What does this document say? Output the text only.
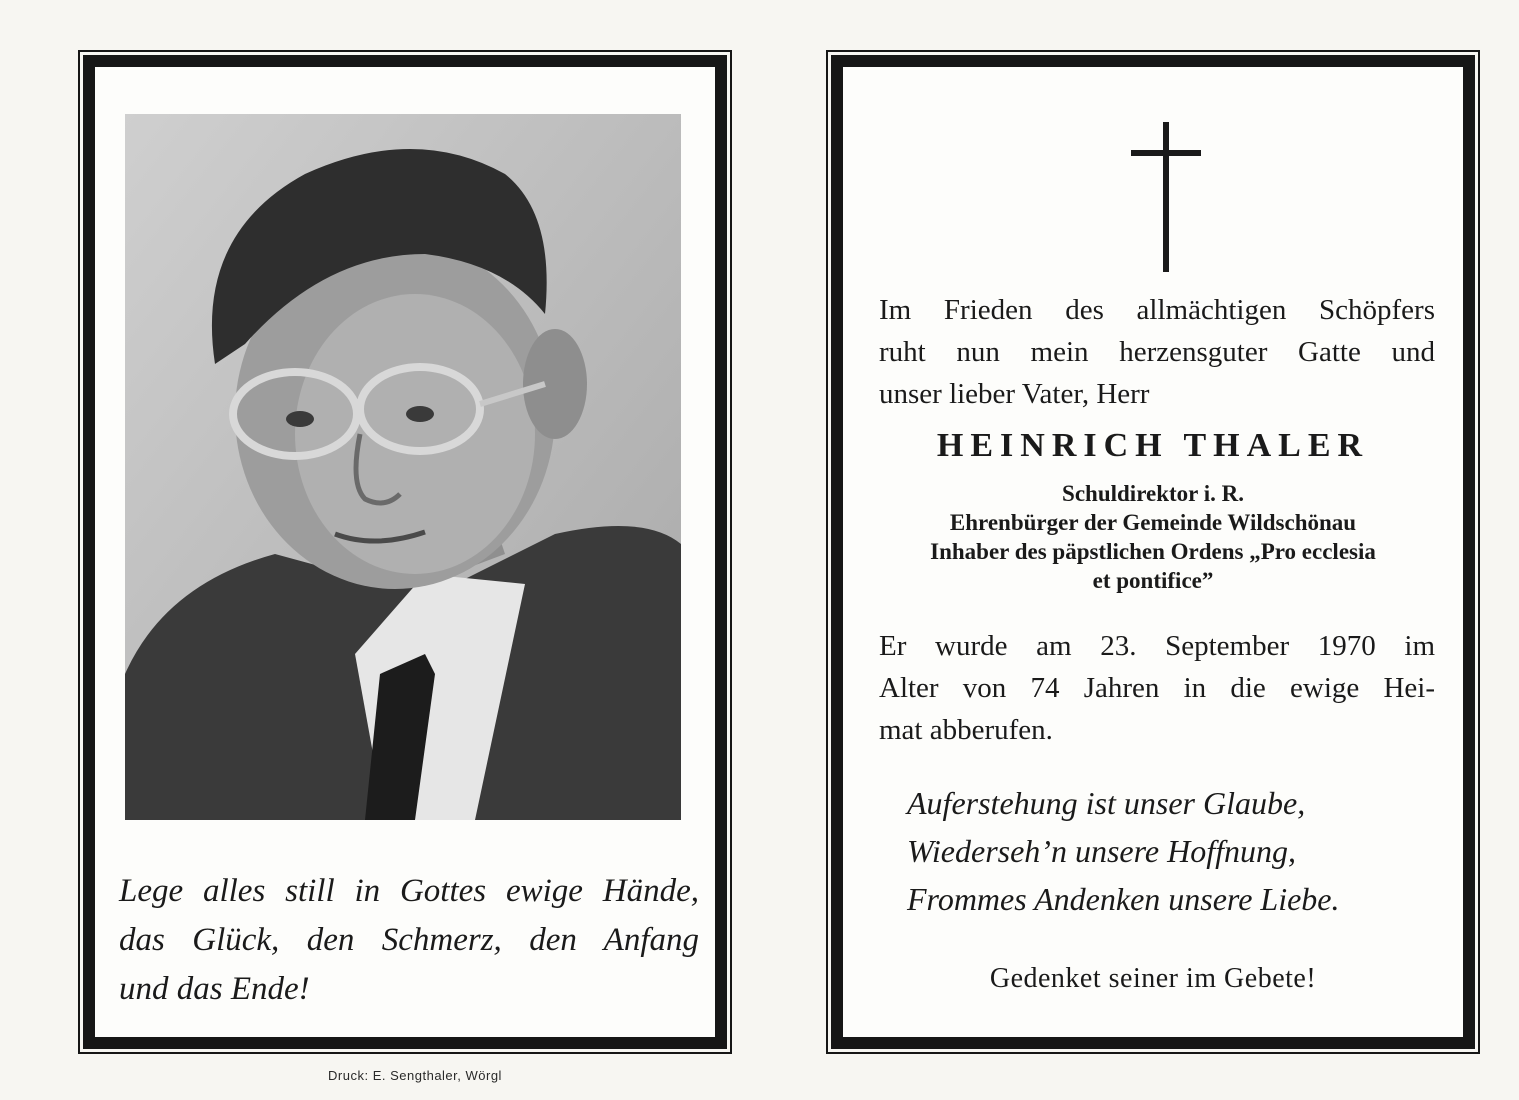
Lege alles still in Gottes ewige Hände,
das Glück, den Schmerz, den Anfang
und das Ende!
Druck: E. Sengthaler, Wörgl
Im Frieden des allmächtigen Schöpfers
ruht nun mein herzensguter Gatte und
unser lieber Vater, Herr
HEINRICH THALER
Schuldirektor i. R.
Ehrenbürger der Gemeinde Wildschönau
Inhaber des päpstlichen Ordens „Pro ecclesia
et pontifice”
Er wurde am 23. September 1970 im
Alter von 74 Jahren in die ewige Hei-
mat abberufen.
Auferstehung ist unser Glaube,
Wiederseh’n unsere Hoffnung,
Frommes Andenken unsere Liebe.
Gedenket seiner im Gebete!
